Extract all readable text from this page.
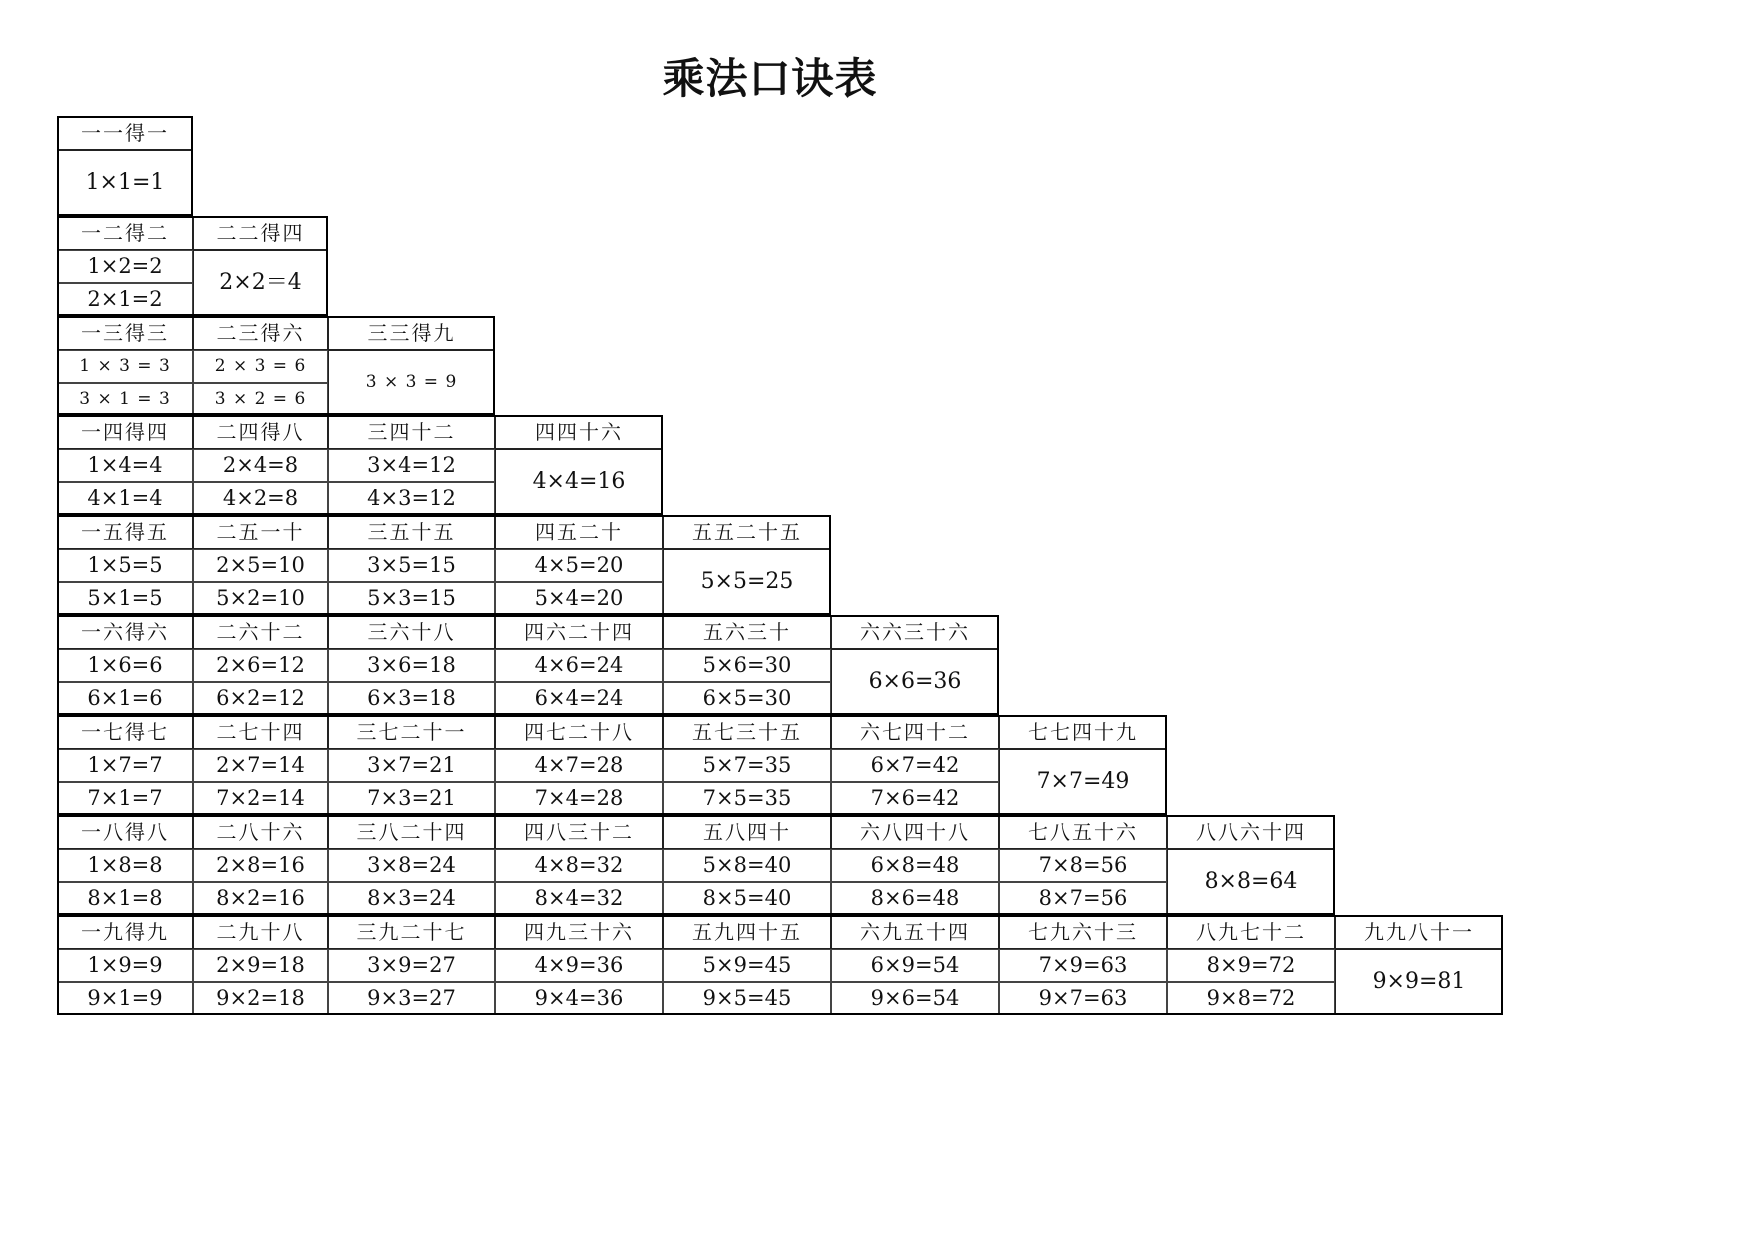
乘法口诀表
一一得一
1×1=1
一二得二
1×2=2
2×1=2
二二得四
2×2＝4
一三得三
1 × 3 = 3
3 × 1 = 3
二三得六
2 × 3 = 6
3 × 2 = 6
三三得九
3 × 3 = 9
一四得四
1×4=4
4×1=4
二四得八
2×4=8
4×2=8
三四十二
3×4=12
4×3=12
四四十六
4×4=16
一五得五
1×5=5
5×1=5
二五一十
2×5=10
5×2=10
三五十五
3×5=15
5×3=15
四五二十
4×5=20
5×4=20
五五二十五
5×5=25
一六得六
1×6=6
6×1=6
二六十二
2×6=12
6×2=12
三六十八
3×6=18
6×3=18
四六二十四
4×6=24
6×4=24
五六三十
5×6=30
6×5=30
六六三十六
6×6=36
一七得七
1×7=7
7×1=7
二七十四
2×7=14
7×2=14
三七二十一
3×7=21
7×3=21
四七二十八
4×7=28
7×4=28
五七三十五
5×7=35
7×5=35
六七四十二
6×7=42
7×6=42
七七四十九
7×7=49
一八得八
1×8=8
8×1=8
二八十六
2×8=16
8×2=16
三八二十四
3×8=24
8×3=24
四八三十二
4×8=32
8×4=32
五八四十
5×8=40
8×5=40
六八四十八
6×8=48
8×6=48
七八五十六
7×8=56
8×7=56
八八六十四
8×8=64
一九得九
1×9=9
9×1=9
二九十八
2×9=18
9×2=18
三九二十七
3×9=27
9×3=27
四九三十六
4×9=36
9×4=36
五九四十五
5×9=45
9×5=45
六九五十四
6×9=54
9×6=54
七九六十三
7×9=63
9×7=63
八九七十二
8×9=72
9×8=72
九九八十一
9×9=81
